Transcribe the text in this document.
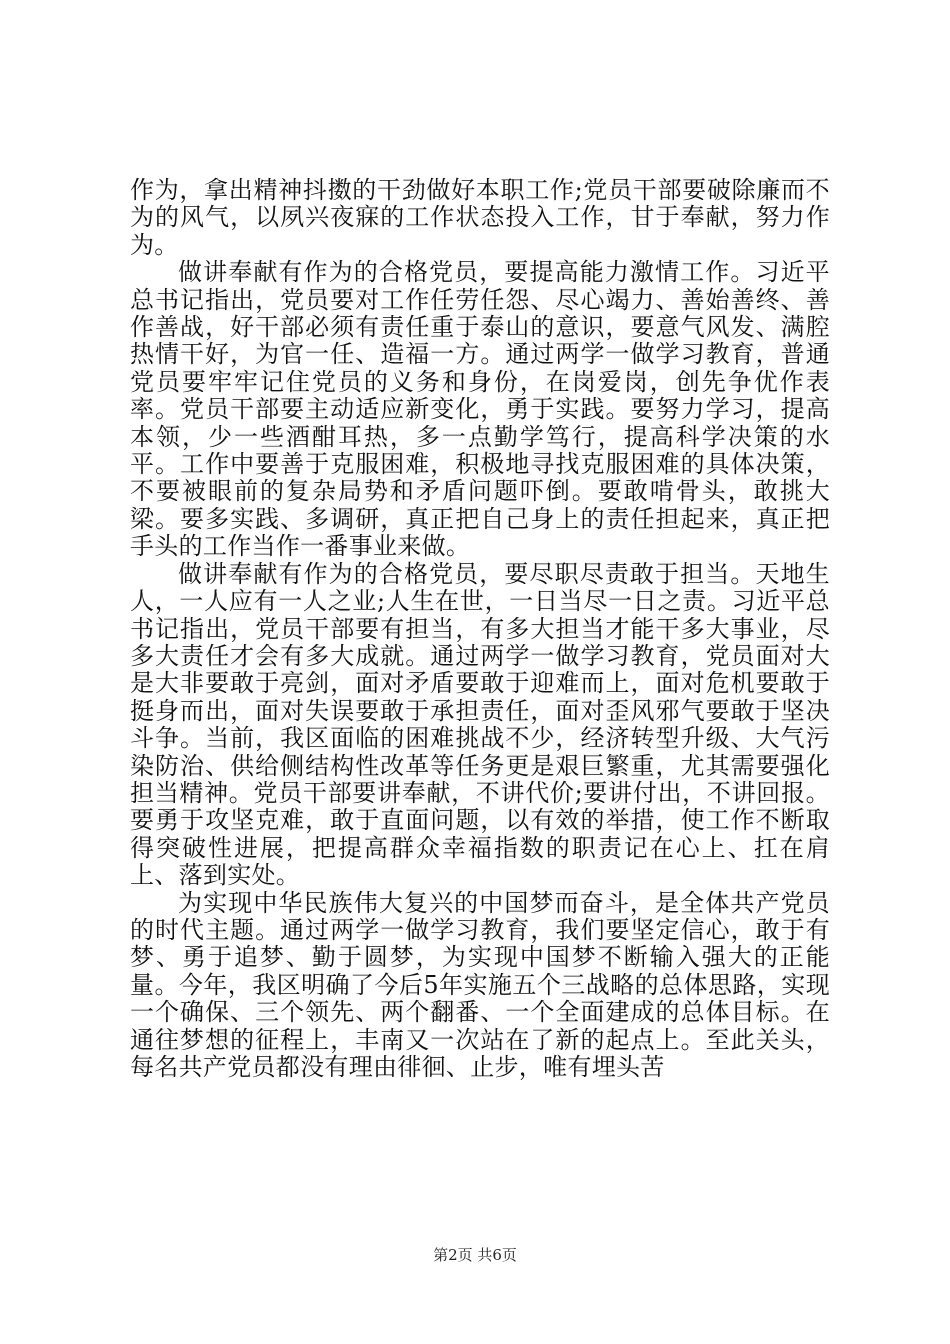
作为，拿出精神抖擞的干劲做好本职工作;党员干部要破除廉而不为的风气，以夙兴夜寐的工作状态投入工作，甘于奉献，努力作为。

做讲奉献有作为的合格党员，要提高能力激情工作。习近平总书记指出，党员要对工作任劳任怨、尽心竭力、善始善终、善作善战，好干部必须有责任重于泰山的意识，要意气风发、满腔热情干好，为官一任、造福一方。通过两学一做学习教育，普通党员要牢牢记住党员的义务和身份，在岗爱岗，创先争优作表率。党员干部要主动适应新变化，勇于实践。要努力学习，提高本领，少一些酒酣耳热，多一点勤学笃行，提高科学决策的水平。工作中要善于克服困难，积极地寻找克服困难的具体决策，不要被眼前的复杂局势和矛盾问题吓倒。要敢啃骨头，敢挑大梁。要多实践、多调研，真正把自己身上的责任担起来，真正把手头的工作当作一番事业来做。

做讲奉献有作为的合格党员，要尽职尽责敢于担当。天地生人，一人应有一人之业;人生在世，一日当尽一日之责。习近平总书记指出，党员干部要有担当，有多大担当才能干多大事业，尽多大责任才会有多大成就。通过两学一做学习教育，党员面对大是大非要敢于亮剑，面对矛盾要敢于迎难而上，面对危机要敢于挺身而出，面对失误要敢于承担责任，面对歪风邪气要敢于坚决斗争。当前，我区面临的困难挑战不少，经济转型升级、大气污染防治、供给侧结构性改革等任务更是艰巨繁重，尤其需要强化担当精神。党员干部要讲奉献，不讲代价;要讲付出，不讲回报。要勇于攻坚克难，敢于直面问题，以有效的举措，使工作不断取得突破性进展，把提高群众幸福指数的职责记在心上、扛在肩上、落到实处。

为实现中华民族伟大复兴的中国梦而奋斗，是全体共产党员的时代主题。通过两学一做学习教育，我们要坚定信心，敢于有梦、勇于追梦、勤于圆梦，为实现中国梦不断输入强大的正能量。今年，我区明确了今后5年实施五个三战略的总体思路，实现一个确保、三个领先、两个翻番、一个全面建成的总体目标。在通往梦想的征程上，丰南又一次站在了新的起点上。至此关头，每名共产党员都没有理由徘徊、止步，唯有埋头苦

第2页 共6页
